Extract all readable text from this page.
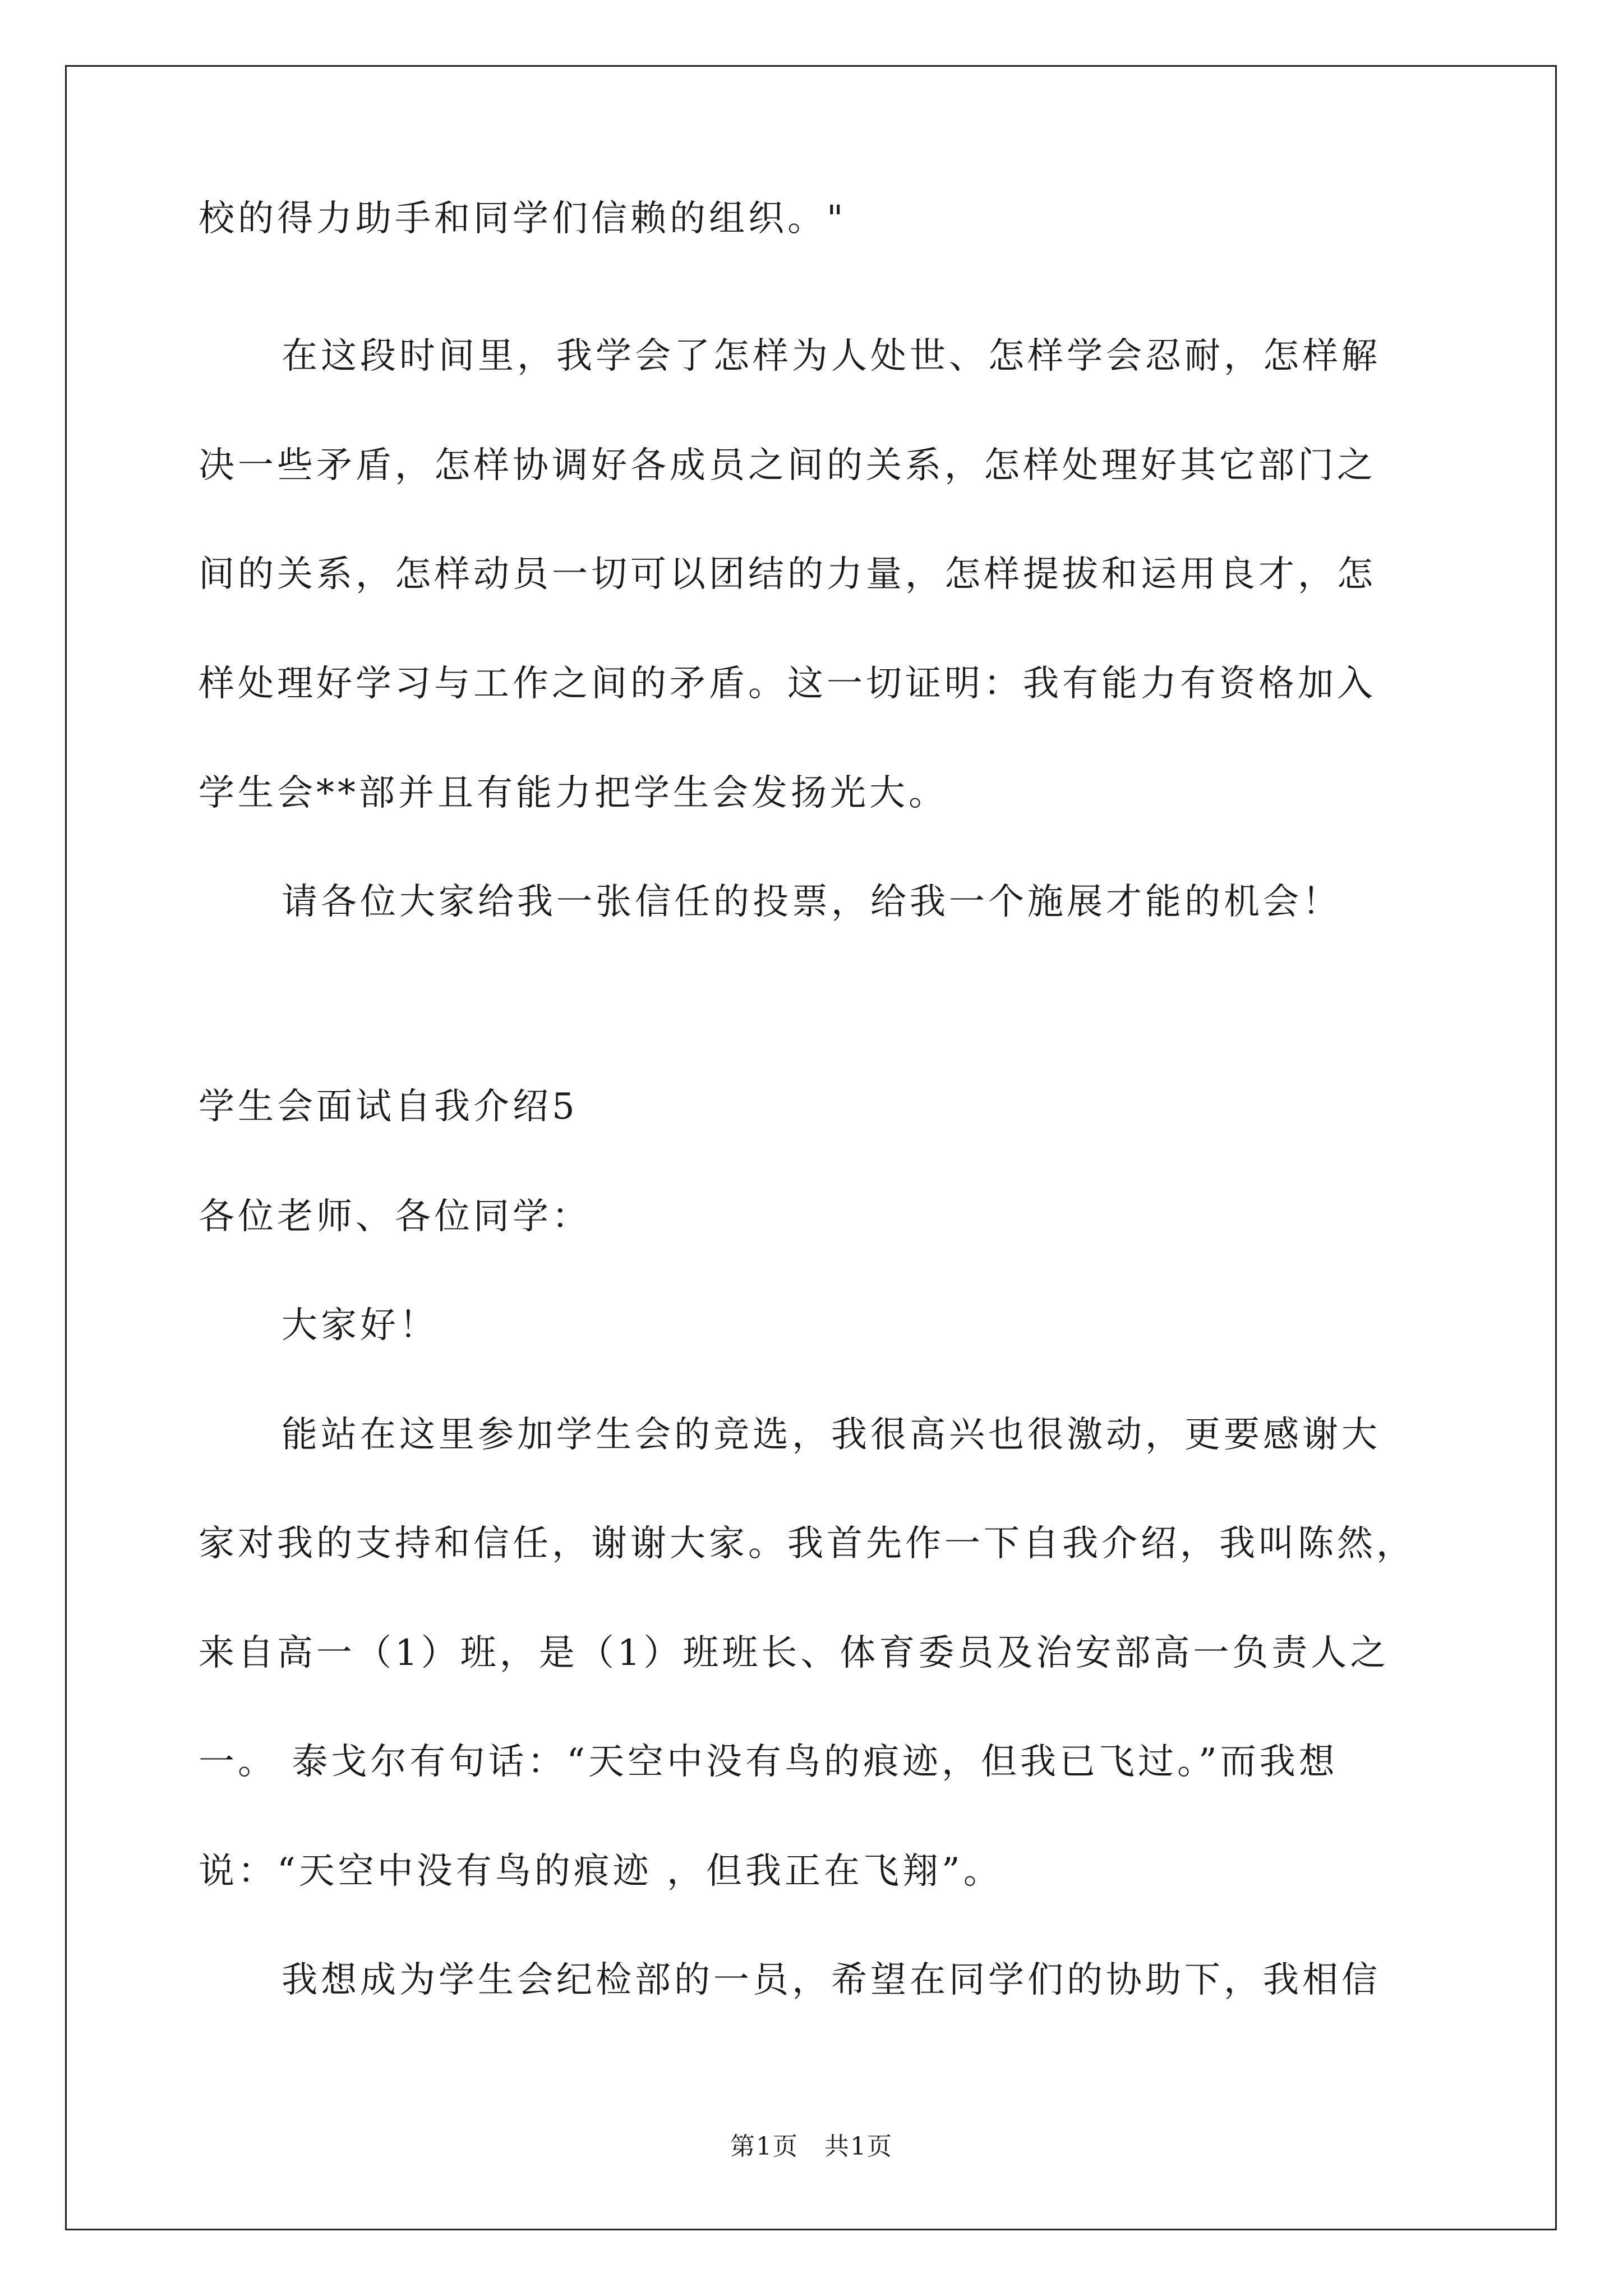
校的得力助手和同学们信赖的组织。"
在这段时间里，我学会了怎样为人处世、怎样学会忍耐，怎样解
决一些矛盾，怎样协调好各成员之间的关系，怎样处理好其它部门之
间的关系，怎样动员一切可以团结的力量，怎样提拔和运用良才，怎
样处理好学习与工作之间的矛盾。这一切证明：我有能力有资格加入
学生会**部并且有能力把学生会发扬光大。
请各位大家给我一张信任的投票，给我一个施展才能的机会！
学生会面试自我介绍5
各位老师、各位同学：
大家好！
能站在这里参加学生会的竞选，我很高兴也很激动，更要感谢大
家对我的支持和信任，谢谢大家。我首先作一下自我介绍，我叫陈然，
来自高一（1）班，是（1）班班长、体育委员及治安部高一负责人之
一。 泰戈尔有句话：“天空中没有鸟的痕迹，但我已飞过。”而我想
说：“天空中没有鸟的痕迹 ，但我正在飞翔”。
我想成为学生会纪检部的一员，希望在同学们的协助下，我相信
第1页　共1页
